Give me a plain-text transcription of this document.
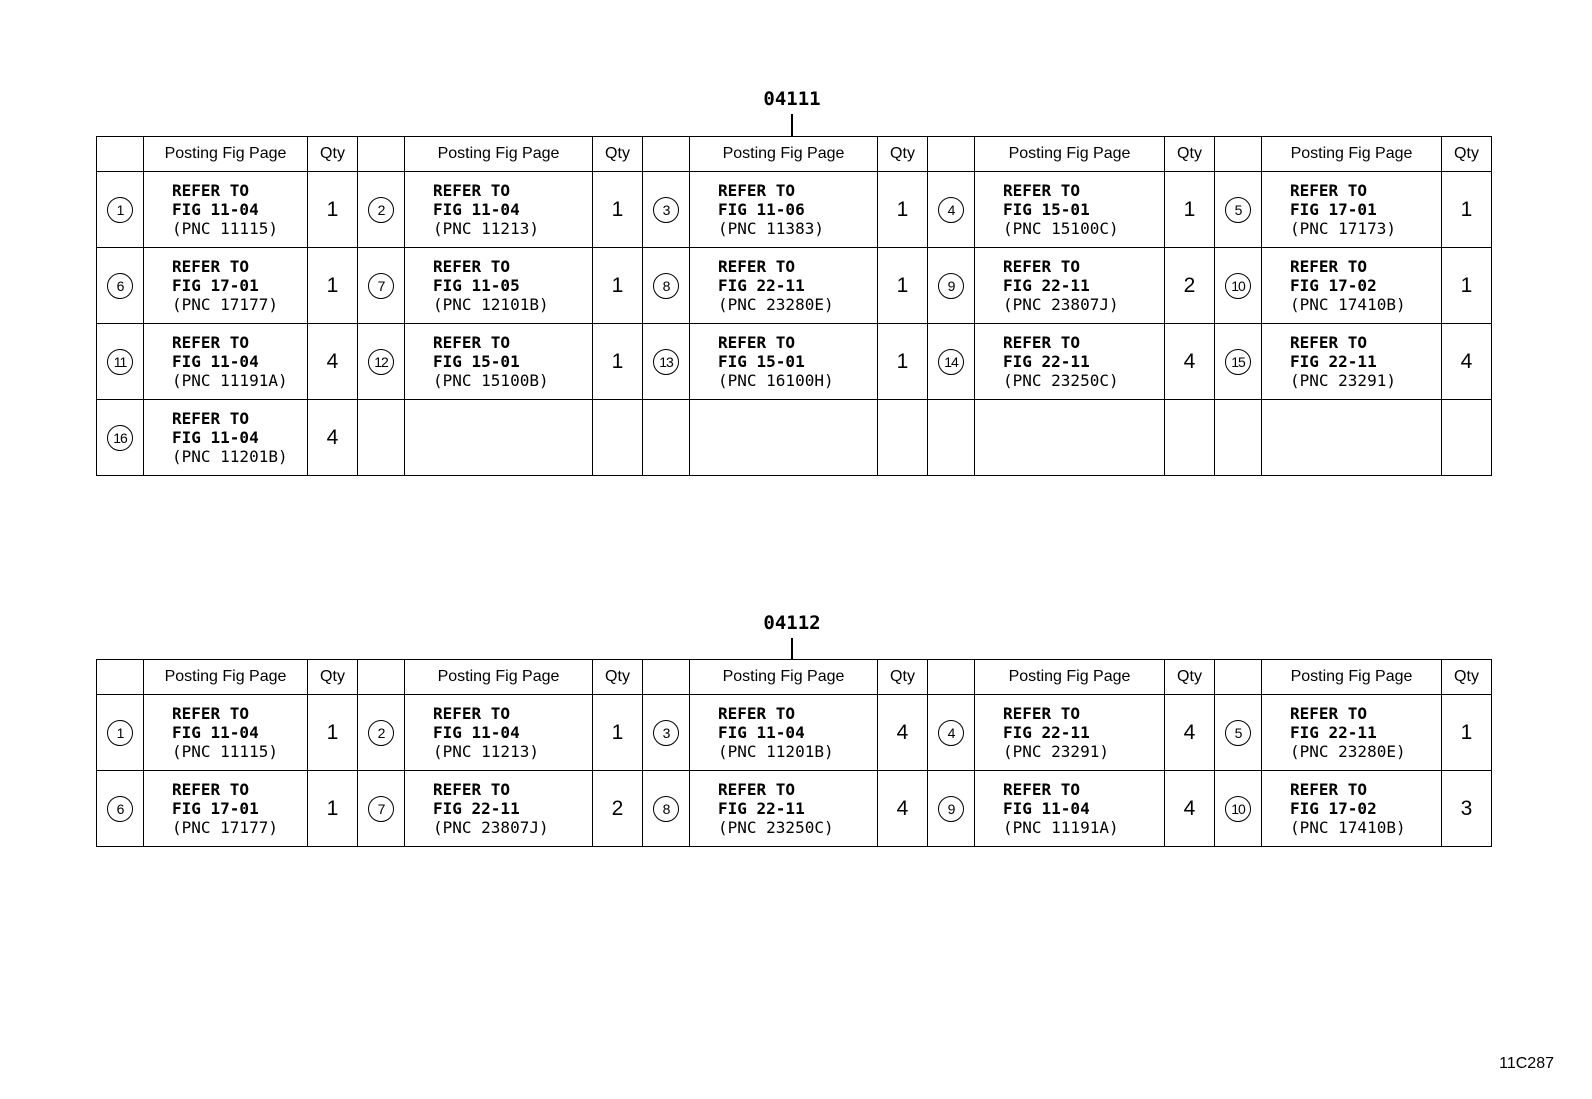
04111
	Posting Fig Page	Qty		Posting Fig Page	Qty		Posting Fig Page	Qty		Posting Fig Page	Qty		Posting Fig Page	Qty
1	REFER TO
FIG 11-04
(PNC 11115)	1	2	REFER TO
FIG 11-04
(PNC 11213)	1	3	REFER TO
FIG 11-06
(PNC 11383)	1	4	REFER TO
FIG 15-01
(PNC 15100C)	1	5	REFER TO
FIG 17-01
(PNC 17173)	1
6	REFER TO
FIG 17-01
(PNC 17177)	1	7	REFER TO
FIG 11-05
(PNC 12101B)	1	8	REFER TO
FIG 22-11
(PNC 23280E)	1	9	REFER TO
FIG 22-11
(PNC 23807J)	2	10	REFER TO
FIG 17-02
(PNC 17410B)	1
11	REFER TO
FIG 11-04
(PNC 11191A)	4	12	REFER TO
FIG 15-01
(PNC 15100B)	1	13	REFER TO
FIG 15-01
(PNC 16100H)	1	14	REFER TO
FIG 22-11
(PNC 23250C)	4	15	REFER TO
FIG 22-11
(PNC 23291)	4
16	REFER TO
FIG 11-04
(PNC 11201B)	4												
04112
	Posting Fig Page	Qty		Posting Fig Page	Qty		Posting Fig Page	Qty		Posting Fig Page	Qty		Posting Fig Page	Qty
1	REFER TO
FIG 11-04
(PNC 11115)	1	2	REFER TO
FIG 11-04
(PNC 11213)	1	3	REFER TO
FIG 11-04
(PNC 11201B)	4	4	REFER TO
FIG 22-11
(PNC 23291)	4	5	REFER TO
FIG 22-11
(PNC 23280E)	1
6	REFER TO
FIG 17-01
(PNC 17177)	1	7	REFER TO
FIG 22-11
(PNC 23807J)	2	8	REFER TO
FIG 22-11
(PNC 23250C)	4	9	REFER TO
FIG 11-04
(PNC 11191A)	4	10	REFER TO
FIG 17-02
(PNC 17410B)	3
11C287
